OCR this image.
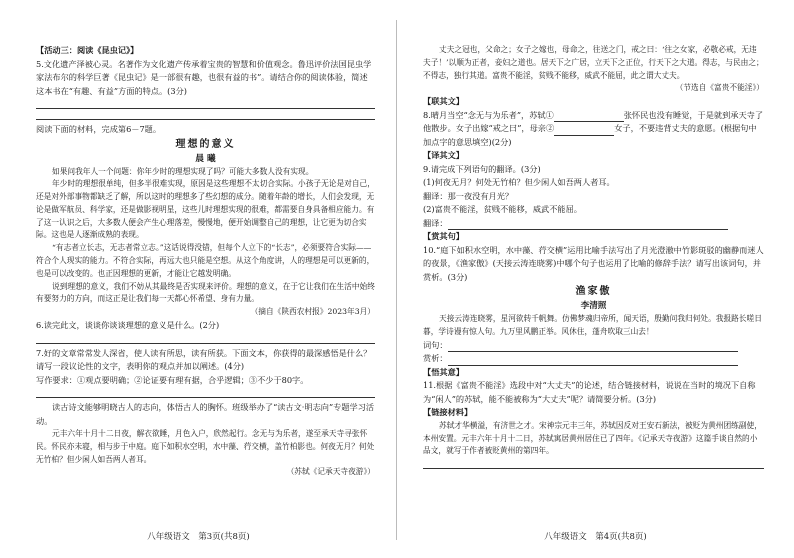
【活动三：阅读《昆虫记》】

5.文化遗产泽被心灵。名著作为文化遗产传承着宝贵的智慧和价值观念。鲁迅评价法国昆虫学家法布尔的科学巨著《昆虫记》是一部很有趣，也很有益的书”。请结合你的阅读体验，简述这本书在“有趣、有益”方面的特点。(3分)

阅读下面的材料，完成第6－7题。

理想的意义

晨 曦

如果问我年人一个问题：你年少时的理想实现了吗？可能大多数人没有实现。

年少时的理想很单纯，但多半很难实现，原因是这些理想不太切合实际。小孩子无论是对自己，还是对外部事物都缺乏了解，所以这时的理想多了些幻想的成分。随着年龄的增长，人们会发现，无论是做军航员、科学家，还是做影视明星，这些儿时理想实现的很难，都需要自身具备相应能力。有了这一认识之后，大多数人便会产生心理落差，慢慢地，便开始调整自己的理想，让它更为切合实际。这也是人逐渐成熟的表现。

“有志者立长志，无志者常立志。”这话说得没错，但每个人立下的“长志”，必须要符合实际——符合个人现实的能力。不符合实际，再远大也只能是空想。从这个角度讲，人的理想是可以更新的，也是可以改变的。也正因理想的更新，才能让它越发明确。

说到理想的意义，我们不妨从其最终是否实现来评价。理想的意义，在于它让我们在生活中始终有要努力的方向，而这正是让我们每一天都心怀希望、身有力量。

（摘自《陕西农村报》2023年3月）

6.读完此文，谈谈你谈谈理想的意义是什么。(2分)

7.好的文章常常发人深省，使人读有所思，读有所获。下面文本，你获得的最深感悟是什么？请写一段议论性的文字，表明你的观点并加以阐述。(4分)

写作要求：①观点要明确；②论证要有理有据，合乎逻辑；③不少于80字。

读古诗文能够明晓古人的志向，体悟古人的胸怀。班级举办了“读古文·明志向”专题学习活动。

元丰六年十月十二日夜，解衣欲睡，月色入户，欣然起行。念无与为乐者，遂至承天寺寻张怀民。怀民亦未寝，相与步于中庭。庭下如积水空明，水中藻、荇交横，盖竹柏影也。何夜无月？何处无竹柏？但少闲人如吾两人者耳。

（苏轼《记承天寺夜游》）

八年级语文　第3页(共8页)

丈夫之冠也，父命之；女子之嫁也，母命之，往送之门，戒之曰：‘往之女家，必敬必戒，无违夫子！’以顺为正者，妾妇之道也。居天下之广居，立天下之正位，行天下之大道。得志，与民由之；不得志，独行其道。富贵不能淫，贫贱不能移，威武不能屈，此之谓大丈夫。

（节选自《富贵不能淫》）

【联其文】

8.晴月当空“念无与为乐者”，苏轼①	张怀民也没有睡觉，于是就到承天寺了他散步。女子出嫁“戒之曰”，母亲②	女子，不要违背丈夫的意愿。(根据句中加点字的意思填空)(2分)

【译其文】

9.请完成下列语句的翻译。(3分)

(1)何夜无月？何处无竹柏？但少闲人如吾两人者耳。

翻译：那一夜没有月光？

(2)富贵不能淫，贫贱不能移，威武不能屈。

翻译：

【赏其句】

10.“庭下如积水空明，水中藻、荇交横”运用比喻手法写出了月光澄澈中竹影斑驳的幽静而迷人的夜景，《渔家傲》(天接云涛连晓雾)中哪个句子也运用了比喻的修辞手法？请写出该词句，并赏析。(3分)

渔家傲

李清照

天接云涛连晓雾，星河欲转千帆舞。仿佛梦魂归帝所，闻天语，殷勤问我归何处。我报路长嗟日暮，学诗谩有惊人句。九万里风鹏正举。风休住，蓬舟吹取三山去！

词句：

赏析：

【悟其意】

11.根据《富贵不能淫》选段中对“大丈夫”的论述，结合链接材料，说说在当时的境况下自称为“闲人”的苏轼，能不能被称为“大丈夫”呢？请简要分析。(3分)

【链接材料】

苏轼才华横溢，有济世之才。宋神宗元丰三年，苏轼因反对王安石新法，被贬为黄州团练副使，本州安置。元丰六年十月十二日，苏轼寓居黄州居住已了四年。《记承天寺夜游》这篇手谈自然的小品文，就写于作者被贬黄州的第四年。

八年级语文　第4页(共8页)
